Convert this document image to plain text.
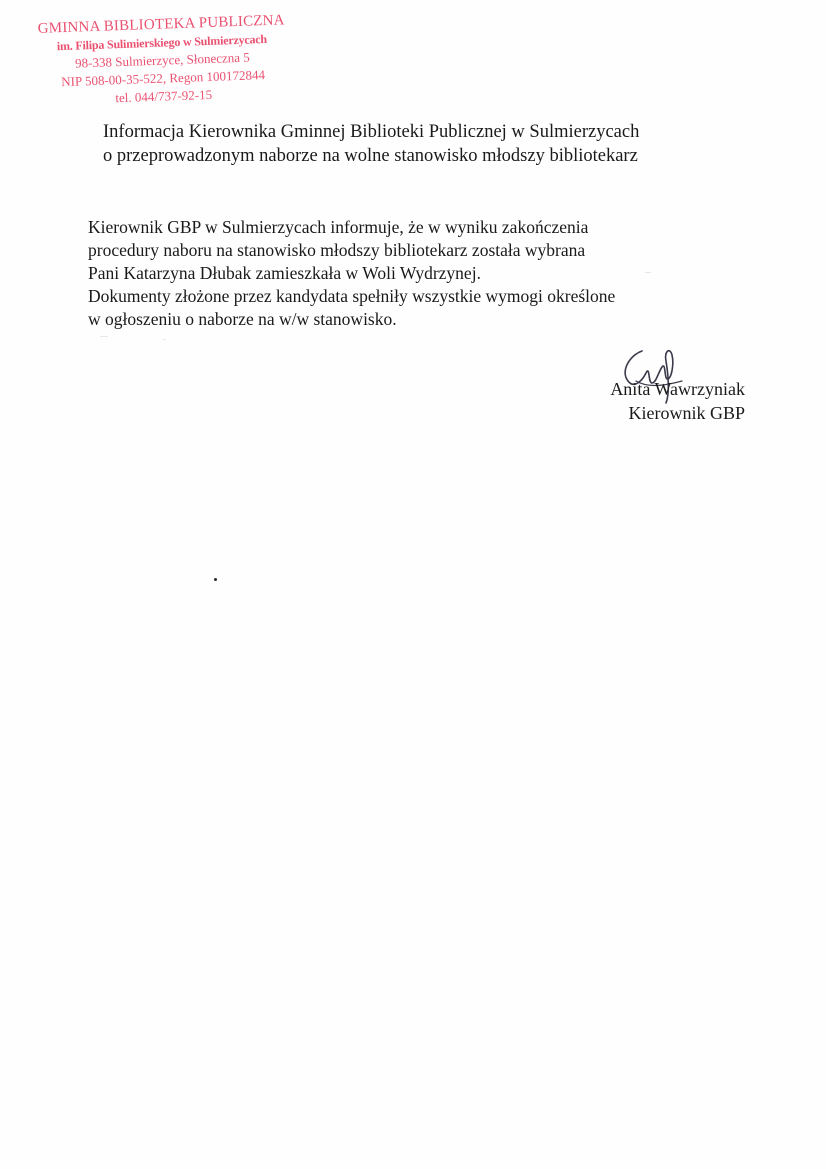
GMINNA BIBLIOTEKA PUBLICZNA
im. Filipa Sulimierskiego w Sulmierzycach
98-338 Sulmierzyce, Słoneczna 5
NIP 508-00-35-522, Regon 100172844
tel. 044/737-92-15
Informacja Kierownika Gminnej Biblioteki Publicznej w Sulmierzycach
o przeprowadzonym naborze na wolne stanowisko młodszy bibliotekarz
Kierownik GBP w Sulmierzycach informuje, że w wyniku zakończenia
procedury naboru na stanowisko młodszy bibliotekarz została wybrana
Pani Katarzyna Dłubak zamieszkała w Woli Wydrzynej.
Dokumenty złożone przez kandydata spełniły wszystkie wymogi określone
w ogłoszeniu o naborze na w/w stanowisko.
Anita Wawrzyniak
Kierownik GBP
